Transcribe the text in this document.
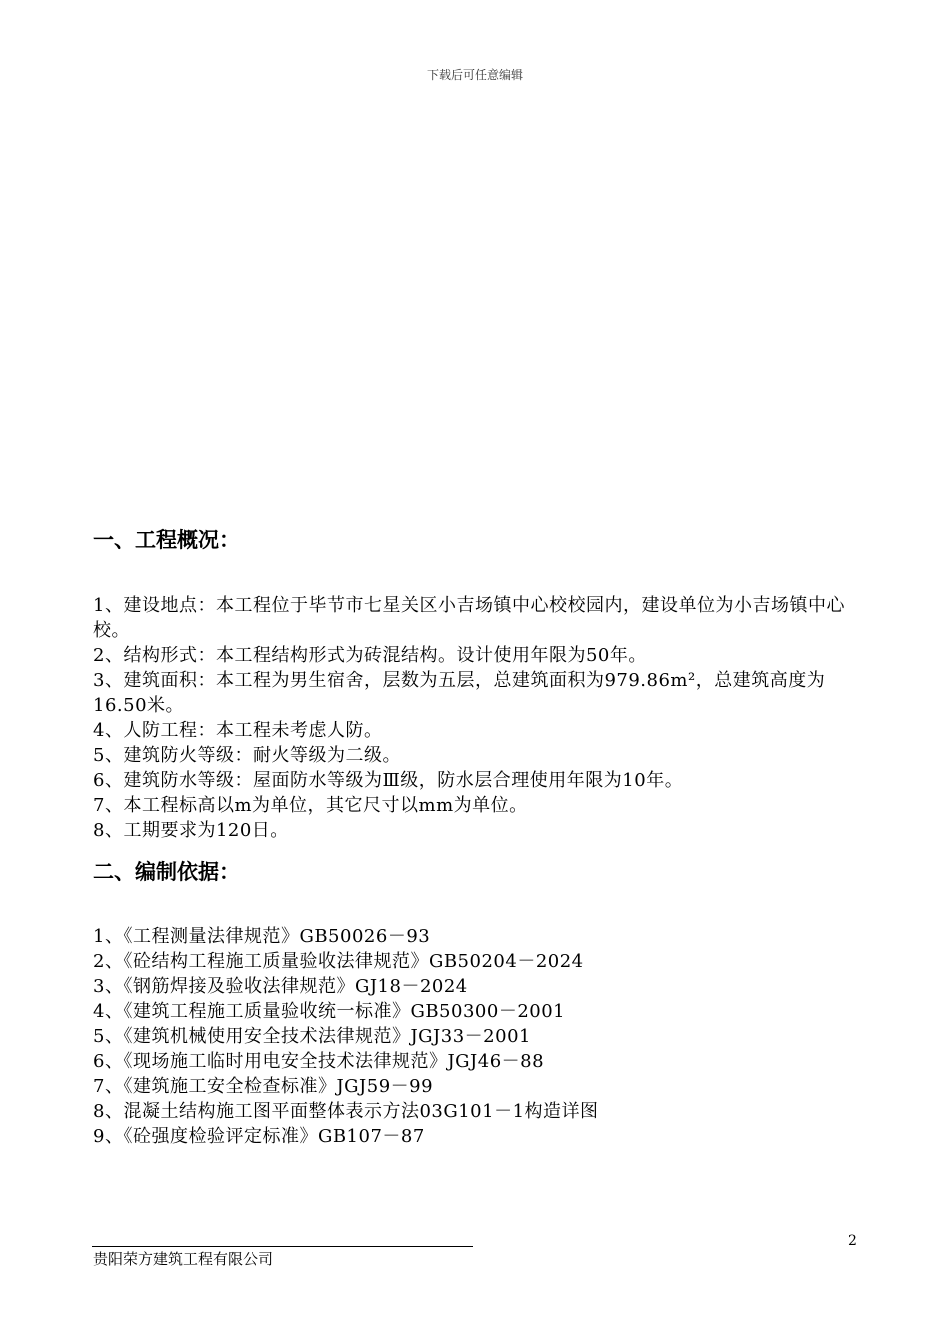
下载后可任意编辑
一、工程概况：

1、建设地点：本工程位于毕节市七星关区小吉场镇中心校校园内，建设单位为小吉场镇中心校。

2、结构形式：本工程结构形式为砖混结构。设计使用年限为50年。

3、建筑面积：本工程为男生宿舍，层数为五层，总建筑面积为979.86m²，总建筑高度为16.50米。

4、人防工程：本工程未考虑人防。

5、建筑防火等级：耐火等级为二级。

6、建筑防水等级：屋面防水等级为Ⅲ级，防水层合理使用年限为10年。

7、本工程标高以m为单位，其它尺寸以mm为单位。

8、工期要求为120日。

二、编制依据：

1、《工程测量法律规范》GB50026－93

2、《砼结构工程施工质量验收法律规范》GB50204－2024

3、《钢筋焊接及验收法律规范》GJ18－2024

4、《建筑工程施工质量验收统一标准》GB50300－2001

5、《建筑机械使用安全技术法律规范》JGJ33－2001

6、《现场施工临时用电安全技术法律规范》JGJ46－88

7、《建筑施工安全检查标准》JGJ59－99

8、混凝土结构施工图平面整体表示方法03G101－1构造详图

9、《砼强度检验评定标准》GB107－87

2
贵阳荣方建筑工程有限公司
